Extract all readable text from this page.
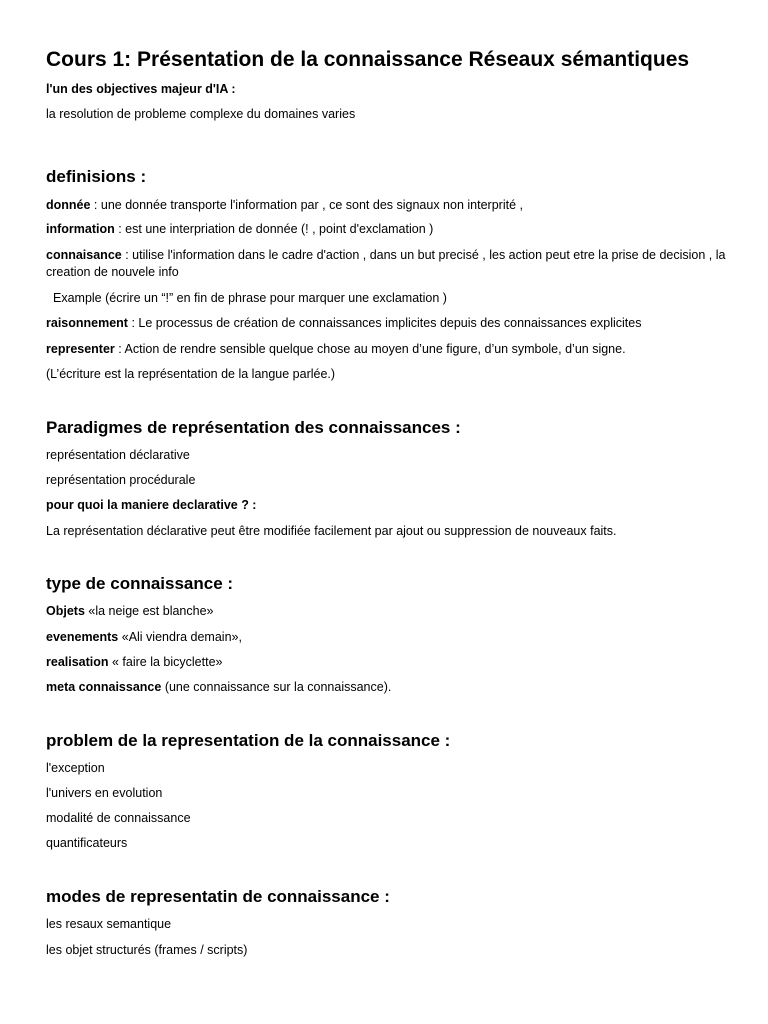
Cours 1: Présentation de la connaissance Réseaux sémantiques
l'un des objectives majeur d'IA :
la resolution de probleme complexe du domaines varies
definisions :
donnée : une donnée transporte l'information par , ce sont des signaux non interprité ,
information : est une interpriation de donnée (! , point d'exclamation )
connaisance : utilise l'information dans le cadre d'action , dans un but precisé , les action peut etre la prise de decision , la creation de nouvele info
Example (écrire un “!” en fin de phrase pour marquer une exclamation )
raisonnement : Le processus de création de connaissances implicites depuis des connaissances explicites
representer : Action de rendre sensible quelque chose au moyen d’une figure, d’un symbole, d’un signe.
(L’écriture est la représentation de la langue parlée.)
Paradigmes de représentation des connaissances :
représentation déclarative
représentation procédurale
pour quoi la maniere declarative ? :
La représentation déclarative peut être modifiée facilement par ajout ou suppression de nouveaux faits.
type de connaissance :
Objets «la neige est blanche»
evenements «Ali viendra demain»,
realisation « faire la bicyclette»
meta connaissance (une connaissance sur la connaissance).
problem de la representation de la connaissance :
l'exception
l'univers en evolution
modalité de connaissance
quantificateurs
modes de representatin de connaissance :
les resaux semantique
les objet structurés (frames / scripts)
